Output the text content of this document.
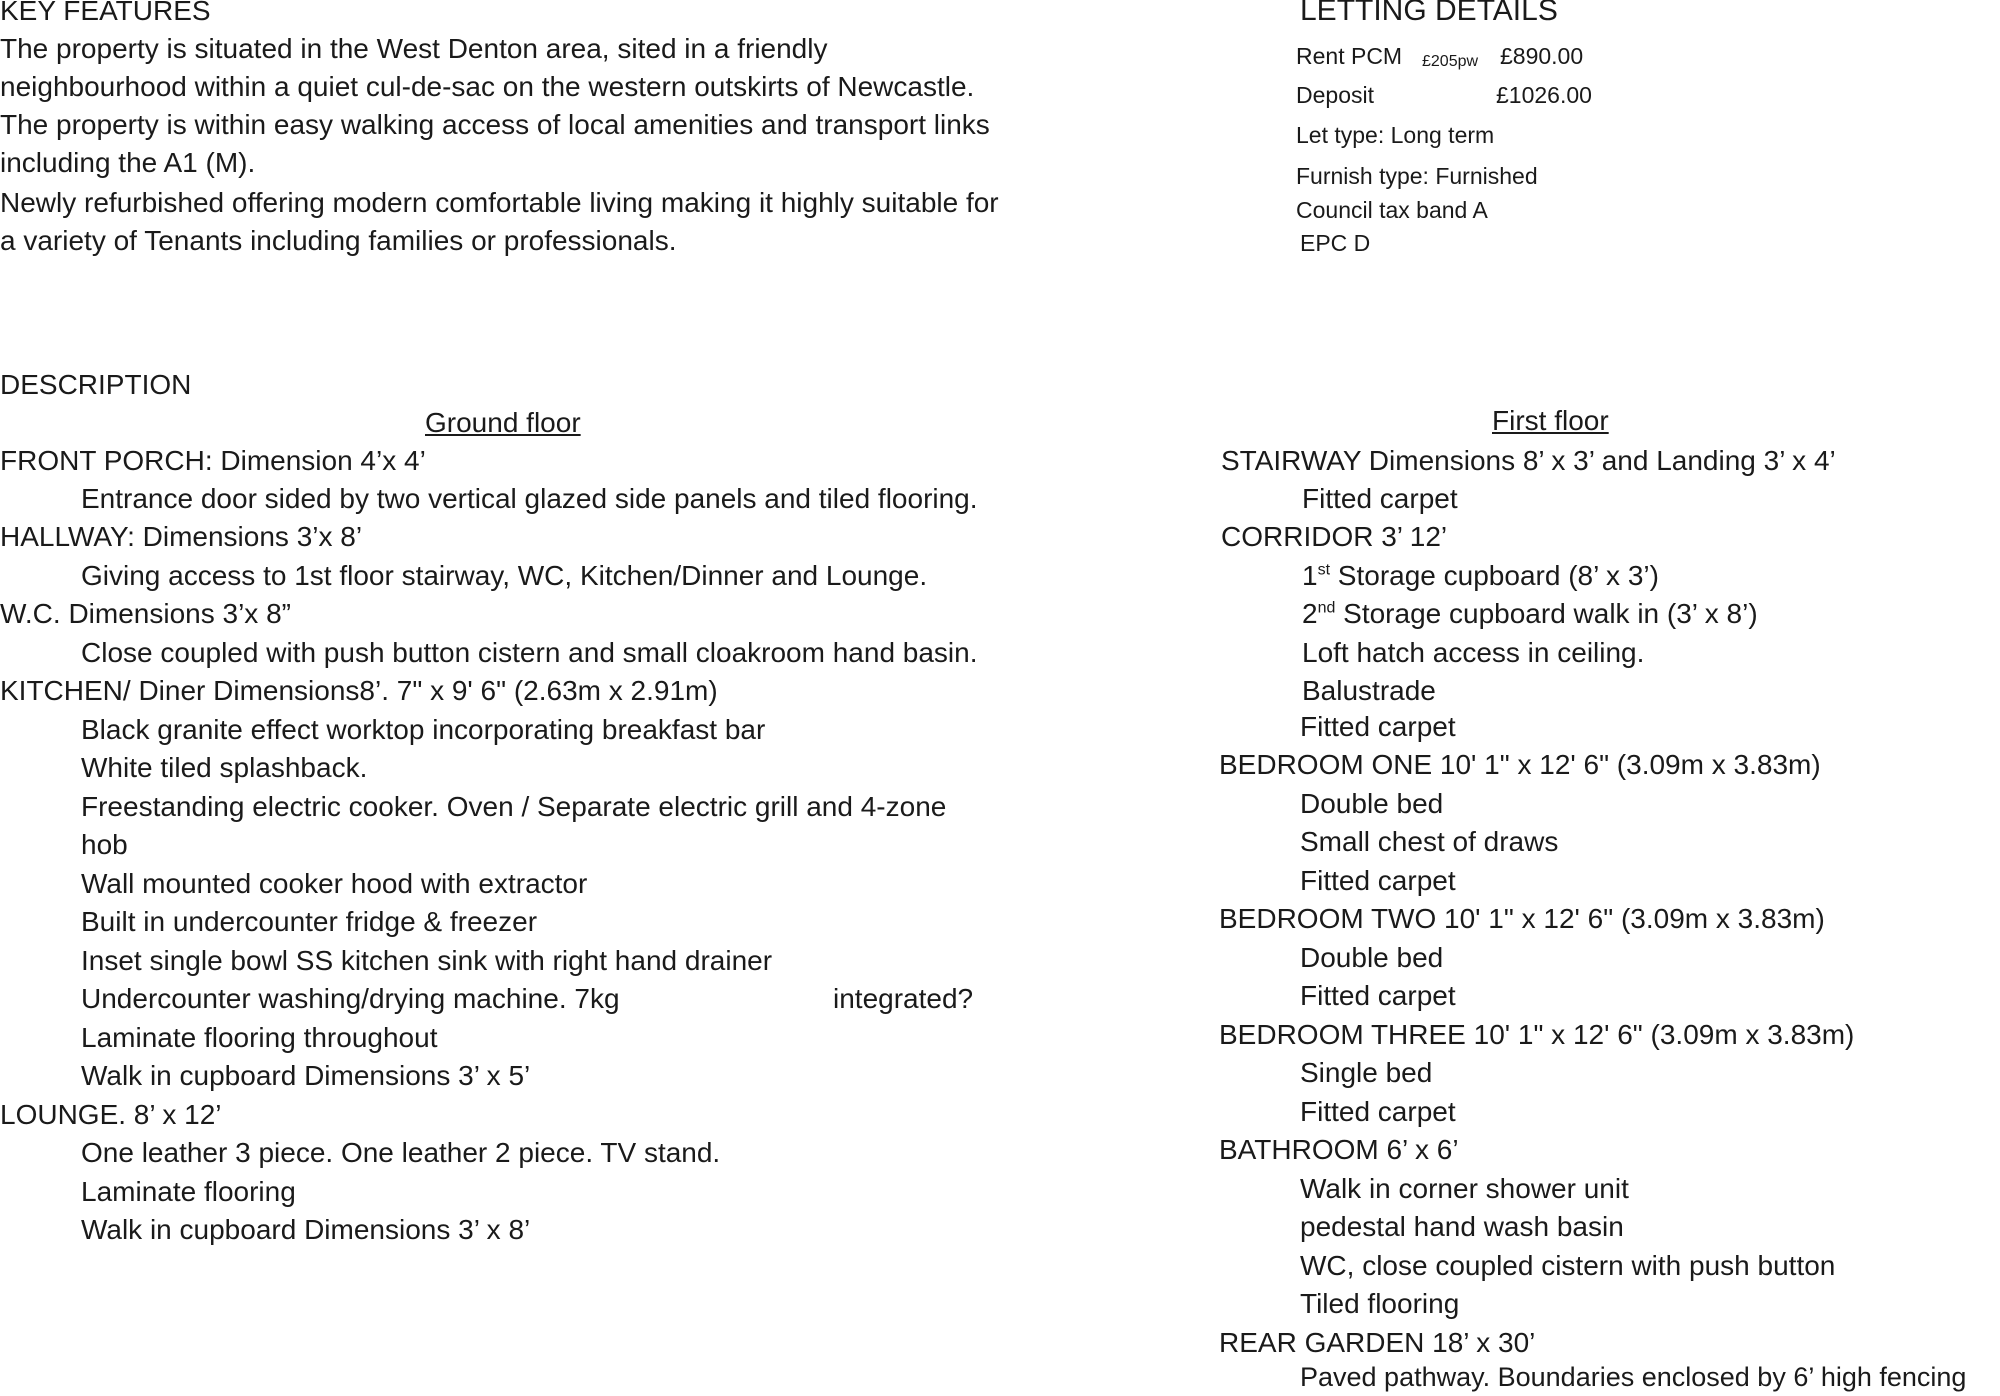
KEY FEATURES
The property is situated in the West Denton area, sited in a friendly neighbourhood within a quiet cul-de-sac on the western outskirts of Newcastle. The property is within easy walking access of local amenities and transport links including the A1 (M).
Newly refurbished offering modern comfortable living making it highly suitable for a variety of Tenants including families or professionals.
LETTING DETAILS
Rent PCM £205pw £890.00
Deposit	£1026.00
Let type: Long term
Furnish type: Furnished
Council tax band A
EPC D
DESCRIPTION
Ground floor
FRONT PORCH: Dimension 4’x 4’
Entrance door sided by two vertical glazed side panels and tiled flooring.
HALLWAY: Dimensions 3’x 8’
Giving access to 1st floor stairway, WC, Kitchen/Dinner and Lounge.
W.C. Dimensions 3’x 8”
Close coupled with push button cistern and small cloakroom hand basin.
KITCHEN/ Diner Dimensions8’. 7" x 9' 6" (2.63m x 2.91m)
Black granite effect worktop incorporating breakfast bar
White tiled splashback.
Freestanding electric cooker. Oven / Separate electric grill and 4-zone
hob
Wall mounted cooker hood with extractor
Built in undercounter fridge & freezer
Inset single bowl SS kitchen sink with right hand drainer
Undercounter washing/drying machine. 7kg	integrated?
Laminate flooring throughout
Walk in cupboard Dimensions 3’ x 5’
LOUNGE. 8’ x 12’
One leather 3 piece. One leather 2 piece. TV stand.
Laminate flooring
Walk in cupboard Dimensions 3’ x 8’
First floor
STAIRWAY Dimensions 8’ x 3’ and Landing 3’ x 4’
Fitted carpet
CORRIDOR 3’ 12’
1st Storage cupboard (8’ x 3’)
2nd Storage cupboard walk in (3’ x 8’)
Loft hatch access in ceiling.
Balustrade
Fitted carpet
BEDROOM ONE 10' 1" x 12' 6" (3.09m x 3.83m)
Double bed
Small chest of draws
Fitted carpet
BEDROOM TWO 10' 1" x 12' 6" (3.09m x 3.83m)
Double bed
Fitted carpet
BEDROOM THREE 10' 1" x 12' 6" (3.09m x 3.83m)
Single bed
Fitted carpet
BATHROOM 6’ x 6’
Walk in corner shower unit
pedestal hand wash basin
WC, close coupled cistern with push button
Tiled flooring
REAR GARDEN 18’ x 30’
Paved pathway. Boundaries enclosed by 6’ high fencing
